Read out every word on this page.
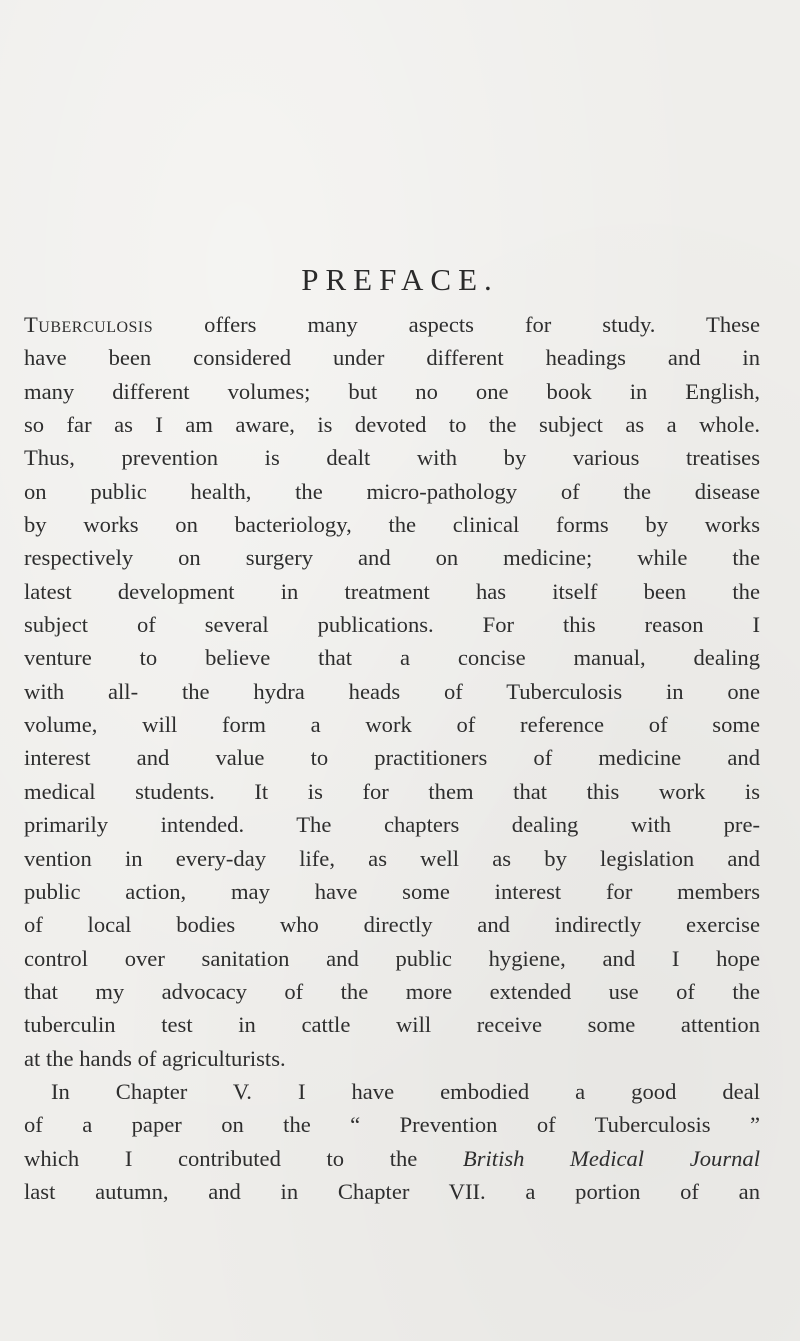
PREFACE.
Tuberculosis offers many aspects for study. These
have been considered under different headings and in
many different volumes; but no one book in English,
so far as I am aware, is devoted to the subject as a whole.
Thus, prevention is dealt with by various treatises
on public health, the micro-pathology of the disease
by works on bacteriology, the clinical forms by works
respectively on surgery and on medicine; while the
latest development in treatment has itself been the
subject of several publications. For this reason I
venture to believe that a concise manual, dealing
with all- the hydra heads of Tuberculosis in one
volume, will form a work of reference of some
interest and value to practitioners of medicine and
medical students. It is for them that this work is
primarily intended. The chapters dealing with pre-
vention in every-day life, as well as by legislation and
public action, may have some interest for members
of local bodies who directly and indirectly exercise
control over sanitation and public hygiene, and I hope
that my advocacy of the more extended use of the
tuberculin test in cattle will receive some attention
at the hands of agriculturists.
In Chapter V. I have embodied a good deal
of a paper on the “ Prevention of Tuberculosis ”
which I contributed to the British Medical Journal
last autumn, and in Chapter VII. a portion of an
